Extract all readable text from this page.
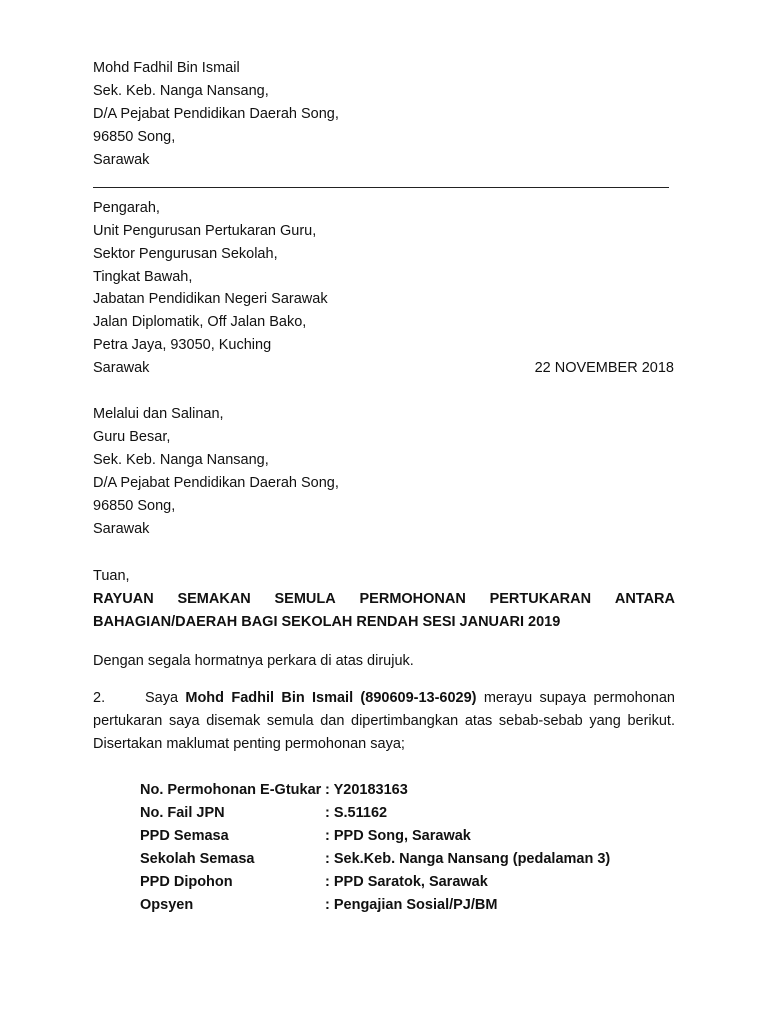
Mohd Fadhil Bin Ismail
Sek. Keb. Nanga Nansang,
D/A Pejabat Pendidikan Daerah Song,
96850 Song,
Sarawak
Pengarah,
Unit Pengurusan Pertukaran Guru,
Sektor Pengurusan Sekolah,
Tingkat Bawah,
Jabatan Pendidikan Negeri Sarawak
Jalan Diplomatik, Off Jalan Bako,
Petra Jaya, 93050, Kuching
Sarawak	22 NOVEMBER 2018
Melalui dan Salinan,
Guru Besar,
Sek. Keb. Nanga Nansang,
D/A Pejabat Pendidikan Daerah Song,
96850 Song,
Sarawak
Tuan,
RAYUAN SEMAKAN SEMULA PERMOHONAN PERTUKARAN ANTARA
BAHAGIAN/DAERAH BAGI SEKOLAH RENDAH SESI JANUARI 2019
Dengan segala hormatnya perkara di atas dirujuk.
2.	Saya Mohd Fadhil Bin Ismail (890609-13-6029) merayu supaya permohonan pertukaran saya disemak semula dan dipertimbangkan atas sebab-sebab yang berikut. Disertakan maklumat penting permohonan saya;
No. Permohonan E-Gtukar : Y20183163
No. Fail JPN	: S.51162
PPD Semasa	: PPD Song, Sarawak
Sekolah Semasa	: Sek.Keb. Nanga Nansang (pedalaman 3)
PPD Dipohon	: PPD Saratok, Sarawak
Opsyen	: Pengajian Sosial/PJ/BM
